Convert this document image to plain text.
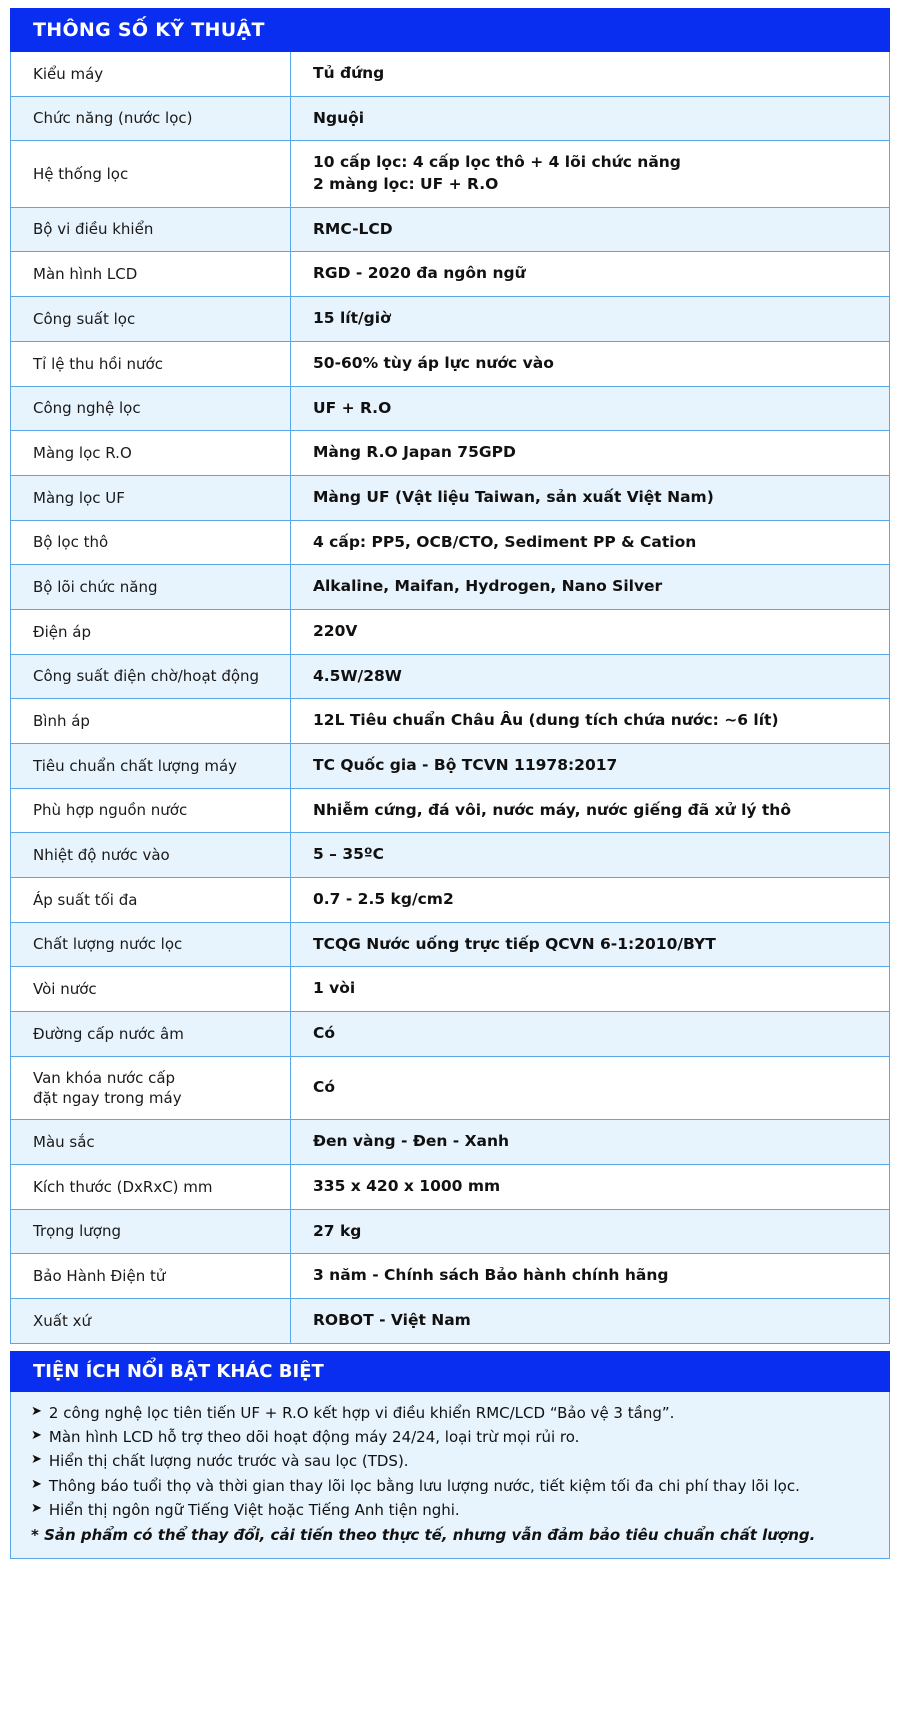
THÔNG SỐ KỸ THUẬT
Kiểu máy	Tủ đứng

Chức năng (nước lọc)	Nguội

Hệ thống lọc	10 cấp lọc: 4 cấp lọc thô + 4 lõi chức năng
2 màng lọc: UF + R.O

Bộ vi điều khiển	RMC-LCD

Màn hình LCD	RGD - 2020 đa ngôn ngữ

Công suất lọc	15 lít/giờ

Tỉ lệ thu hồi nước	50-60% tùy áp lực nước vào

Công nghệ lọc	UF + R.O

Màng lọc R.O	Màng R.O Japan 75GPD

Màng lọc UF	Màng UF (Vật liệu Taiwan, sản xuất Việt Nam)

Bộ lọc thô	4 cấp: PP5, OCB/CTO, Sediment PP & Cation

Bộ lõi chức năng	Alkaline, Maifan, Hydrogen, Nano Silver

Điện áp	220V

Công suất điện chờ/hoạt động	4.5W/28W

Bình áp	12L Tiêu chuẩn Châu Âu (dung tích chứa nước: ~6 lít)

Tiêu chuẩn chất lượng máy	TC Quốc gia - Bộ TCVN 11978:2017

Phù hợp nguồn nước	Nhiễm cứng, đá vôi, nước máy, nước giếng đã xử lý thô

Nhiệt độ nước vào	5 – 35ºC

Áp suất tối đa	0.7 - 2.5 kg/cm2

Chất lượng nước lọc	TCQG Nước uống trực tiếp QCVN 6-1:2010/BYT

Vòi nước	1 vòi

Đường cấp nước âm	Có

Van khóa nước cấp
đặt ngay trong máy	Có

Màu sắc	Đen vàng - Đen - Xanh

Kích thước (DxRxC) mm	335 x 420 x 1000 mm

Trọng lượng	27 kg

Bảo Hành Điện tử	3 năm - Chính sách Bảo hành chính hãng

Xuất xứ	ROBOT - Việt Nam
TIỆN ÍCH NỔI BẬT KHÁC BIỆT
➤ 2 công nghệ lọc tiên tiến UF + R.O kết hợp vi điều khiển RMC/LCD “Bảo vệ 3 tầng”.
➤ Màn hình LCD hỗ trợ theo dõi hoạt động máy 24/24, loại trừ mọi rủi ro.
➤ Hiển thị chất lượng nước trước và sau lọc (TDS).
➤ Thông báo tuổi thọ và thời gian thay lõi lọc bằng lưu lượng nước, tiết kiệm tối đa chi phí thay lõi lọc.
➤ Hiển thị ngôn ngữ Tiếng Việt hoặc Tiếng Anh tiện nghi.
* Sản phẩm có thể thay đổi, cải tiến theo thực tế, nhưng vẫn đảm bảo tiêu chuẩn chất lượng.
